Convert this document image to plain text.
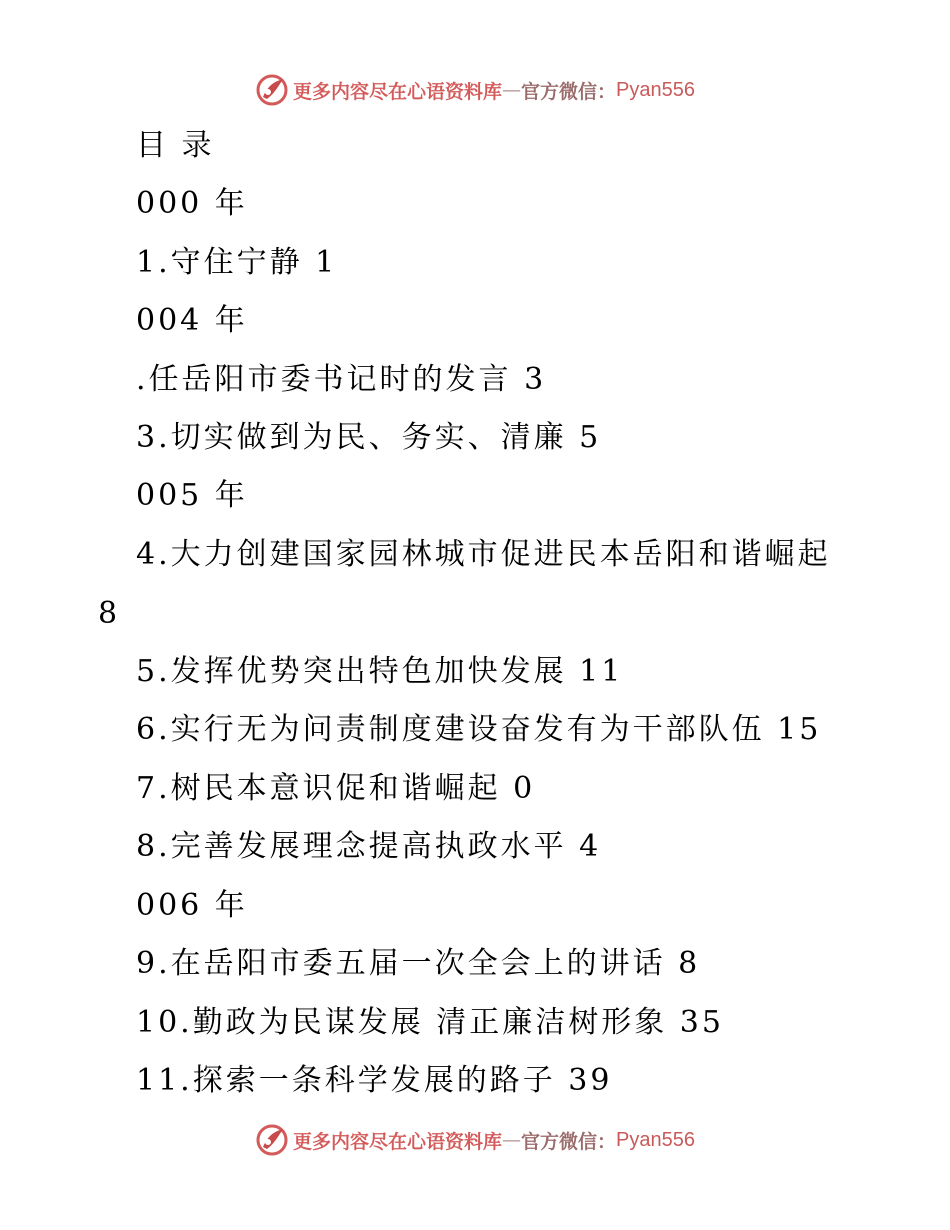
更多内容尽在心语资料库 — 官方微信： Pyan556
目 录
000 年
1.守住宁静 1
004 年
.任岳阳市委书记时的发言 3
3.切实做到为民、务实、清廉 5
005 年
4.大力创建国家园林城市促进民本岳阳和谐崛起
8
5.发挥优势突出特色加快发展 11
6.实行无为问责制度建设奋发有为干部队伍 15
7.树民本意识促和谐崛起 0
8.完善发展理念提高执政水平 4
006 年
9.在岳阳市委五届一次全会上的讲话 8
10.勤政为民谋发展 清正廉洁树形象 35
11.探索一条科学发展的路子 39
更多内容尽在心语资料库 — 官方微信： Pyan556
